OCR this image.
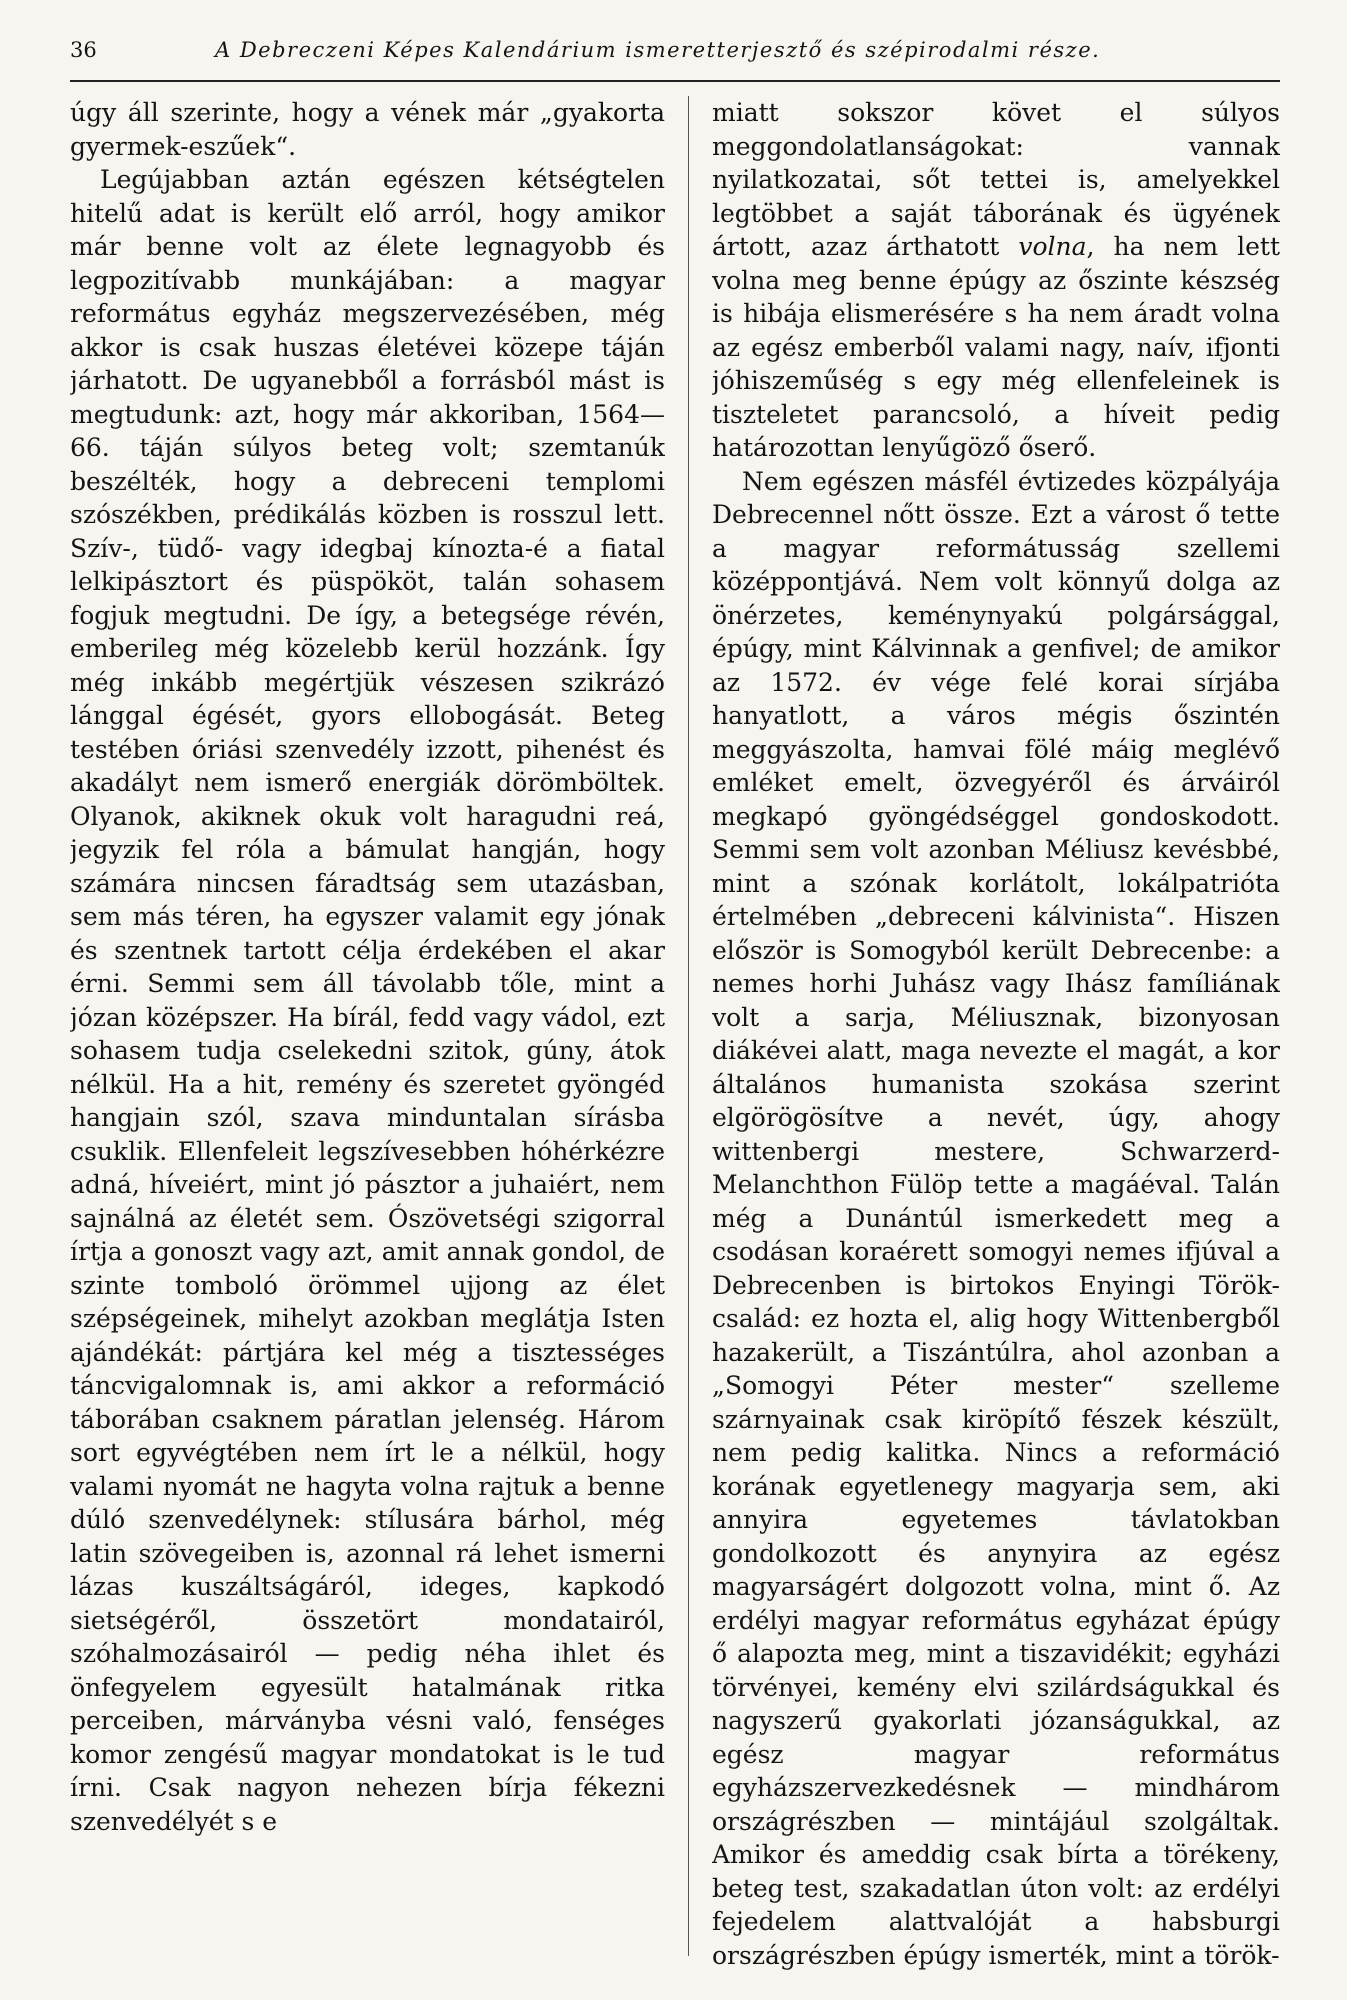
36	A Debreczeni Képes Kalendárium ismeretterjesztő és szépirodalmi része.

úgy áll szerinte, hogy a vének már „gyakorta gyermek-eszűek“.

Legújabban aztán egészen kétségtelen hitelű adat is került elő arról, hogy amikor már benne volt az élete legnagyobb és legpozitívabb munkájában: a magyar református egyház megszervezésében, még akkor is csak huszas életévei közepe táján járhatott. De ugyanebből a forrásból mást is megtudunk: azt, hogy már akkoriban, 1564—66. táján súlyos beteg volt; szemtanúk beszélték, hogy a debreceni templomi szószékben, prédikálás közben is rosszul lett. Szív-, tüdő- vagy idegbaj kínozta-é a fiatal lelkipásztort és püspököt, talán sohasem fogjuk megtudni. De így, a betegsége révén, emberileg még közelebb kerül hozzánk. Így még inkább megértjük vészesen szikrázó lánggal égését, gyors ellobogását. Beteg testében óriási szenvedély izzott, pihenést és akadályt nem ismerő energiák dörömböltek. Olyanok, akiknek okuk volt haragudni reá, jegyzik fel róla a bámulat hangján, hogy számára nincsen fáradtság sem utazásban, sem más téren, ha egyszer valamit egy jónak és szentnek tartott célja érdekében el akar érni. Semmi sem áll távolabb tőle, mint a józan középszer. Ha bírál, fedd vagy vádol, ezt sohasem tudja cselekedni szitok, gúny, átok nélkül. Ha a hit, remény és szeretet gyöngéd hangjain szól, szava minduntalan sírásba csuklik. Ellenfeleit legszívesebben hóhérkézre adná, híveiért, mint jó pásztor a juhaiért, nem sajnálná az életét sem. Ószövetségi szigorral írtja a gonoszt vagy azt, amit annak gondol, de szinte tomboló örömmel ujjong az élet szépségeinek, mihelyt azokban meglátja Isten ajándékát: pártjára kel még a tisztességes táncvigalomnak is, ami akkor a reformáció táborában csaknem páratlan jelenség. Három sort egyvégtében nem írt le a nélkül, hogy valami nyomát ne hagyta volna rajtuk a benne dúló szenvedélynek: stílusára bárhol, még latin szövegeiben is, azonnal rá lehet ismerni lázas kuszáltságáról, ideges, kapkodó sietségéről, összetört mondatairól, szóhalmozásairól — pedig néha ihlet és önfegyelem egyesült hatalmának ritka perceiben, márványba vésni való, fenséges komor zengésű magyar mondatokat is le tud írni. Csak nagyon nehezen bírja fékezni szenvedélyét s e

miatt sokszor követ el súlyos meggondolatlanságokat: vannak nyilatkozatai, sőt tettei is, amelyekkel legtöbbet a saját táborának és ügyének ártott, azaz árthatott volna, ha nem lett volna meg benne épúgy az őszinte készség is hibája elismerésére s ha nem áradt volna az egész emberből valami nagy, naív, ifjonti jóhiszeműség s egy még ellenfeleinek is tiszteletet parancsoló, a híveit pedig határozottan lenyűgöző őserő.

Nem egészen másfél évtizedes közpályája Debrecennel nőtt össze. Ezt a várost ő tette a magyar reformátusság szellemi középpontjává. Nem volt könnyű dolga az önérzetes, keménynyakú polgársággal, épúgy, mint Kálvinnak a genfivel; de amikor az 1572. év vége felé korai sírjába hanyatlott, a város mégis őszintén meggyászolta, hamvai fölé máig meglévő emléket emelt, özvegyéről és árváiról megkapó gyöngédséggel gondoskodott. Semmi sem volt azonban Méliusz kevésbbé, mint a szónak korlátolt, lokálpatrióta értelmében „debreceni kálvinista“. Hiszen először is Somogyból került Debrecenbe: a nemes horhi Juhász vagy Ihász famíliának volt a sarja, Méliusznak, bizonyosan diákévei alatt, maga nevezte el magát, a kor általános humanista szokása szerint elgörögösítve a nevét, úgy, ahogy wittenbergi mestere, Schwarzerd-Melanchthon Fülöp tette a magáéval. Talán még a Dunántúl ismerkedett meg a csodásan koraérett somogyi nemes ifjúval a Debrecenben is birtokos Enyingi Török-család: ez hozta el, alig hogy Wittenbergből hazakerült, a Tiszántúlra, ahol azonban a „Somogyi Péter mester“ szelleme szárnyainak csak kiröpítő fészek készült, nem pedig kalitka. Nincs a reformáció korának egyetlenegy magyarja sem, aki annyira egyetemes távlatokban gondolkozott és anynyira az egész magyarságért dolgozott volna, mint ő. Az erdélyi magyar református egyházat épúgy ő alapozta meg, mint a tiszavidékit; egyházi törvényei, kemény elvi szilárdságukkal és nagyszerű gyakorlati józanságukkal, az egész magyar református egyházszervezkedésnek — mindhárom országrészben — mintájául szolgáltak. Amikor és ameddig csak bírta a törékeny, beteg test, szakadatlan úton volt: az erdélyi fejedelem alattvalóját a habsburgi országrészben épúgy ismerték, mint a török-
